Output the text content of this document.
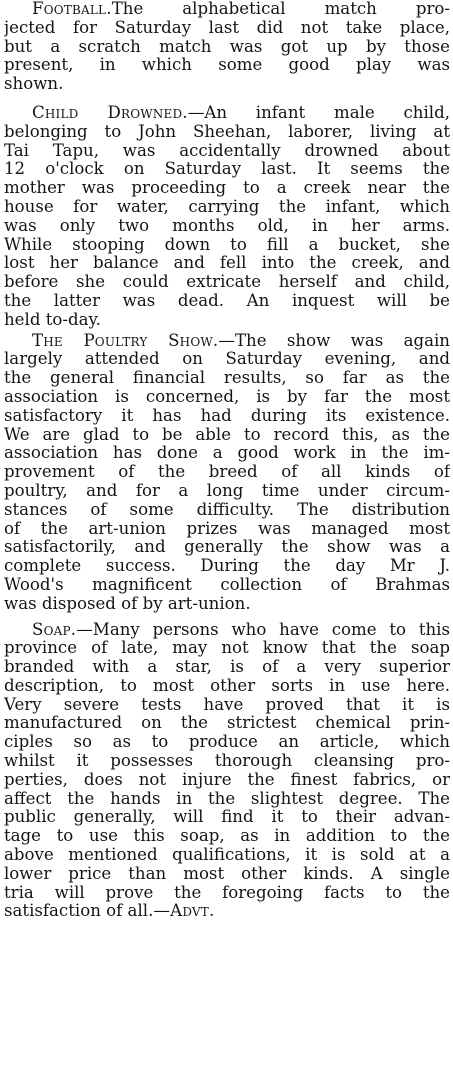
Football.The alphabetical match pro-
jected for Saturday last did not take place,
but a scratch match was got up by those
present, in which some good play was
shown.
Child Drowned.—An infant male child,
belonging to John Sheehan, laborer, living at
Tai Tapu, was accidentally drowned about
12 o'clock on Saturday last. It seems the
mother was proceeding to a creek near the
house for water, carrying the infant, which
was only two months old, in her arms.
While stooping down to fill a bucket, she
lost her balance and fell into the creek, and
before she could extricate herself and child,
the latter was dead. An inquest will be
held to-day.
The Poultry Show.—The show was again
largely attended on Saturday evening, and
the general financial results, so far as the
association is concerned, is by far the most
satisfactory it has had during its existence.
We are glad to be able to record this, as the
association has done a good work in the im-
provement of the breed of all kinds of
poultry, and for a long time under circum-
stances of some difficulty. The distribution
of the art-union prizes was managed most
satisfactorily, and generally the show was a
complete success. During the day Mr J.
Wood's magnificent collection of Brahmas
was disposed of by art-union.
Soap.—Many persons who have come to this
province of late, may not know that the soap
branded with a star, is of a very superior
description, to most other sorts in use here.
Very severe tests have proved that it is
manufactured on the strictest chemical prin-
ciples so as to produce an article, which
whilst it possesses thorough cleansing pro-
perties, does not injure the finest fabrics, or
affect the hands in the slightest degree. The
public generally, will find it to their advan-
tage to use this soap, as in addition to the
above mentioned qualifications, it is sold at a
lower price than most other kinds. A single
tria will prove the foregoing facts to the
satisfaction of all.—Advt.
